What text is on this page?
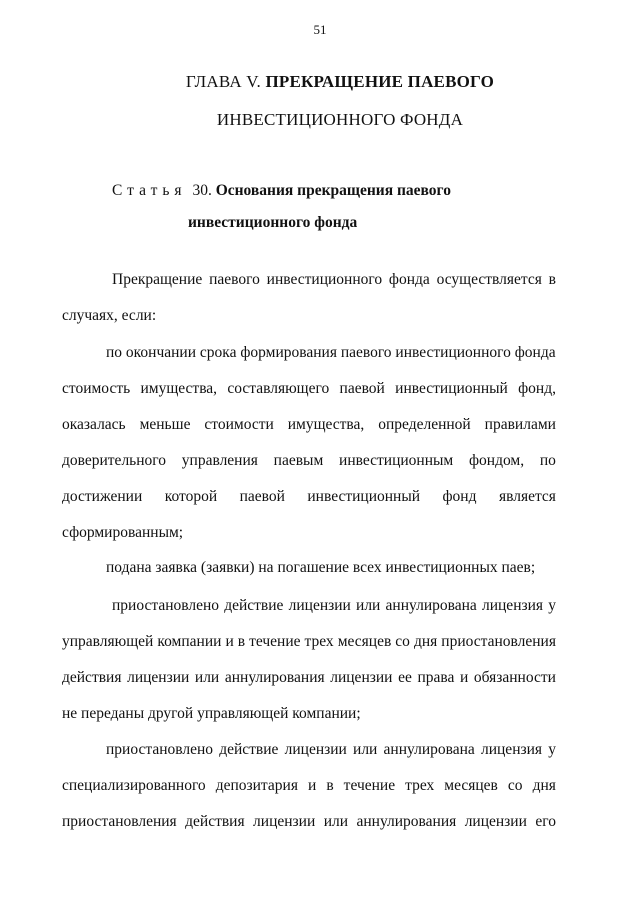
51
ГЛАВА V. ПРЕКРАЩЕНИЕ ПАЕВОГО
ИНВЕСТИЦИОННОГО ФОНДА
Статья 30. Основания прекращения паевого
инвестиционного фонда
Прекращение паевого инвестиционного фонда осуществляется в
случаях, если:
по окончании срока формирования паевого инвестиционного фонда
стоимость имущества, составляющего паевой инвестиционный фонд,
оказалась меньше стоимости имущества, определенной правилами
доверительного управления паевым инвестиционным фондом, по
достижении которой паевой инвестиционный фонд является
сформированным;
подана заявка (заявки) на погашение всех инвестиционных паев;
приостановлено действие лицензии или аннулирована лицензия у
управляющей компании и в течение трех месяцев со дня приостановления
действия лицензии или аннулирования лицензии ее права и обязанности
не переданы другой управляющей компании;
приостановлено действие лицензии или аннулирована лицензия у
специализированного депозитария и в течение трех месяцев со дня
приостановления действия лицензии или аннулирования лицензии его
